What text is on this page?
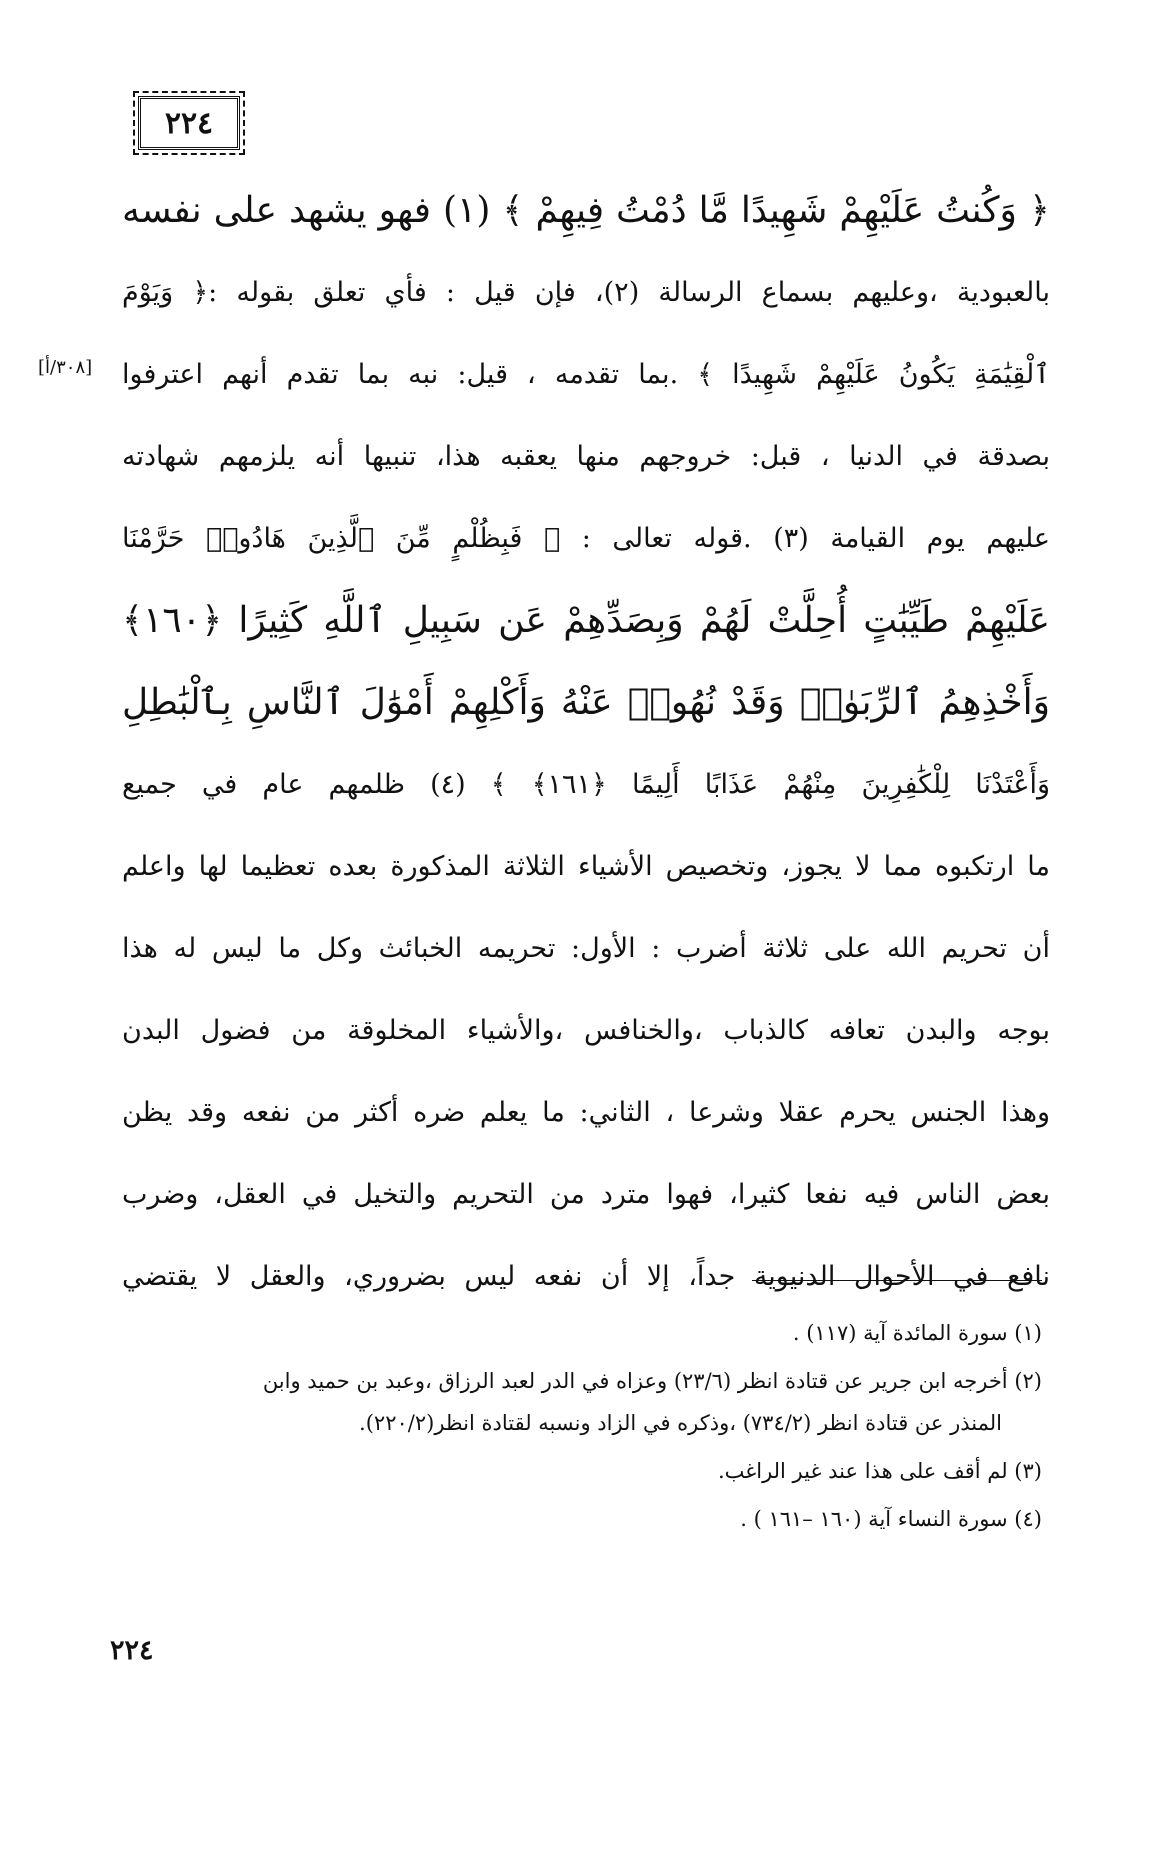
٢٢٤
[٣٠٨/أ]
﴿ وَكُنتُ عَلَيْهِمْ شَهِيدًا مَّا دُمْتُ فِيهِمْ ﴾ (١) فهو يشهد على نفسه
بالعبودية ،وعليهم بسماع الرسالة (٢)، فإن قيل : فأي تعلق بقوله :﴿ وَيَوْمَ
ٱلْقِيَٰمَةِ يَكُونُ عَلَيْهِمْ شَهِيدًا ﴾ .بما تقدمه ، قيل: نبه بما تقدم أنهم اعترفوا
بصدقة في الدنيا ، قبل: خروجهم منها يعقبه هذا، تنبيها أنه يلزمهم شهادته
عليهم يوم القيامة (٣) .قوله تعالى : ﴿ فَبِظُلْمٍ مِّنَ ٱلَّذِينَ هَادُوا۟ حَرَّمْنَا
عَلَيْهِمْ طَيِّبَٰتٍ أُحِلَّتْ لَهُمْ وَبِصَدِّهِمْ عَن سَبِيلِ ٱللَّهِ كَثِيرًا ﴿١٦٠﴾
وَأَخْذِهِمُ ٱلرِّبَوٰا۟ وَقَدْ نُهُوا۟ عَنْهُ وَأَكْلِهِمْ أَمْوَٰلَ ٱلنَّاسِ بِٱلْبَٰطِلِ
وَأَعْتَدْنَا لِلْكَٰفِرِينَ مِنْهُمْ عَذَابًا أَلِيمًا ﴿١٦١﴾ ﴾ (٤) ظلمهم عام في جميع
ما ارتكبوه مما لا يجوز، وتخصيص الأشياء الثلاثة المذكورة بعده تعظيما لها واعلم
أن تحريم الله على ثلاثة أضرب : الأول: تحريمه الخبائث وكل ما ليس له هذا
بوجه والبدن تعافه كالذباب ،والخنافس ،والأشياء المخلوقة من فضول البدن
وهذا الجنس يحرم عقلا وشرعا ، الثاني: ما يعلم ضره أكثر من نفعه وقد يظن
بعض الناس فيه نفعا كثيرا، فهوا مترد من التحريم والتخيل في العقل، وضرب
نافع في الأحوال الدنيوية جداً، إلا أن نفعه ليس بضروري، والعقل لا يقتضي
(١) سورة المائدة آية (١١٧) .
(٢) أخرجه ابن جرير عن قتادة انظر (٢٣/٦) وعزاه في الدر لعبد الرزاق ،وعبد بن حميد وابن
المنذر عن قتادة انظر (٧٣٤/٢) ،وذكره في الزاد ونسبه لقتادة انظر(٢٢٠/٢).
(٣) لم أقف على هذا عند غير الراغب.
(٤) سورة النساء آية (١٦٠ –١٦١ ) .
٢٢٤
